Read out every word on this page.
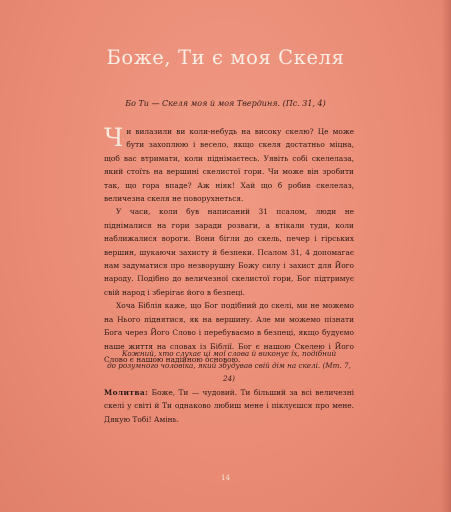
Боже, Ти є моя Скеля
Бо Ти — Скеля моя й моя Твердиня. (Пс. 31, 4)

Чи вилазили ви коли-небудь на високу скелю? Це може бути захоплюю і весело, якщо скеля достатньо міцна, щоб вас втримати, коли піднімаєтесь. Уявіть собі скелелаза, який стоїть на вершині скелистої гори. Чи може він зробити так, що гора впаде? Аж ніяк! Хай що б робив скелелаз, величезна скеля не поворухнеться.

У часи, коли був написаний 31 псалом, люди не піднімалися на гори заради розваги, а втікали туди, коли наближалися вороги. Вони бігли до скель, печер і гірських вершин, шукаючи захисту й безпеки. Псалом 31, 4 допомагає нам задуматися про незворушну Божу силу і захист для Його народу. Подібно до величезної скелистої гори, Бог підтримує свій народ і зберігає його в безпеці.

Хоча Біблія каже, що Бог подібний до скелі, ми не можемо на Нього піднятися, як на вершину. Але ми можемо пізнати Бога через Його Слово і перебуваємо в безпеці, якщо будуємо наше життя на словах із Біблії. Бог є нашою Скелею і Його Слово є нашою надійною основою.

Кожний, хто слухає ці мої слова й виконує їх, подібний
до розумного чоловіка, який збудував свій дім на скелі. (Мт. 7, 24)
Молитва: Боже, Ти — чудовий. Ти більший за всі величезні скелі у світі й Ти однаково любиш мене і піклуєшся про мене. Дякую Тобі! Амінь.
14
